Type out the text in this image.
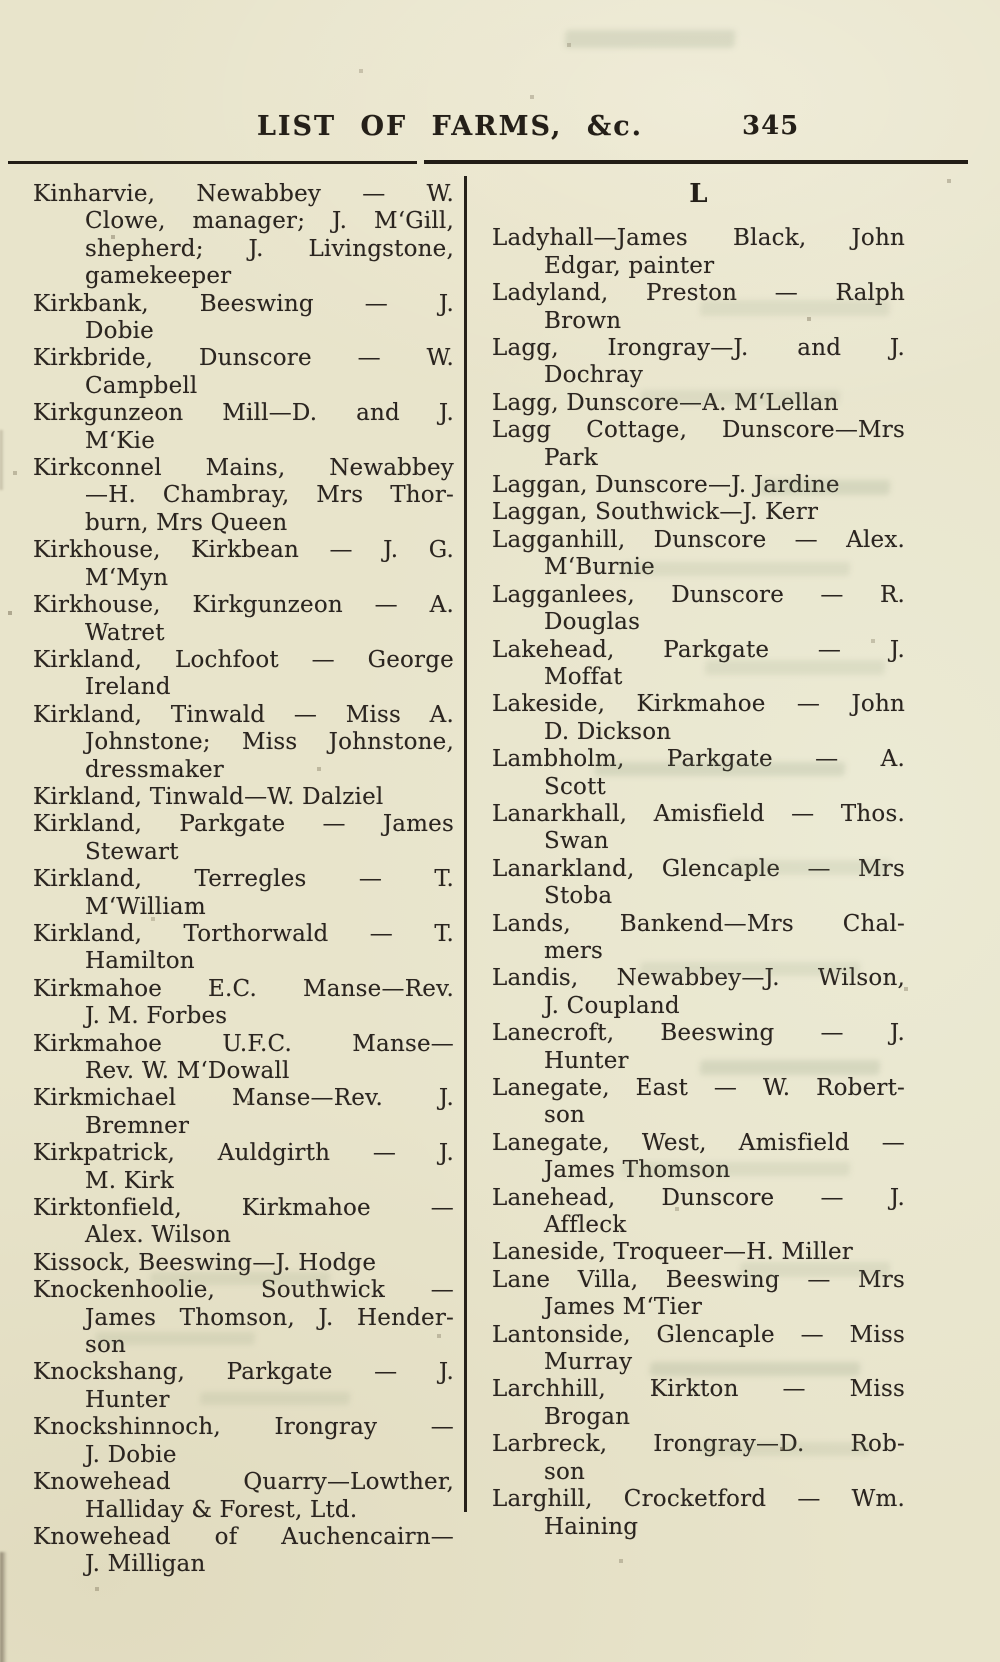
LIST OF FARMS, &c.	345
Kinharvie, Newabbey — W.
Clowe, manager; J. M‘Gill,
shepherd; J. Livingstone,
gamekeeper
Kirkbank, Beeswing — J.
Dobie
Kirkbride, Dunscore — W.
Campbell
Kirkgunzeon Mill—D. and J.
M‘Kie
Kirkconnel Mains, Newabbey
—H. Chambray, Mrs Thor-
burn, Mrs Queen
Kirkhouse, Kirkbean — J. G.
M‘Myn
Kirkhouse, Kirkgunzeon — A.
Watret
Kirkland, Lochfoot — George
Ireland
Kirkland, Tinwald — Miss A.
Johnstone; Miss Johnstone,
dressmaker
Kirkland, Tinwald—W. Dalziel
Kirkland, Parkgate — James
Stewart
Kirkland, Terregles — T.
M‘William
Kirkland, Torthorwald — T.
Hamilton
Kirkmahoe E.C. Manse—Rev.
J. M. Forbes
Kirkmahoe U.F.C. Manse—
Rev. W. M‘Dowall
Kirkmichael Manse—Rev. J.
Bremner
Kirkpatrick, Auldgirth — J.
M. Kirk
Kirktonfield, Kirkmahoe —
Alex. Wilson
Kissock, Beeswing—J. Hodge
Knockenhoolie, Southwick —
James Thomson, J. Hender-
son
Knockshang, Parkgate — J.
Hunter
Knockshinnoch, Irongray —
J. Dobie
Knowehead Quarry—Lowther,
Halliday & Forest, Ltd.
Knowehead of Auchencairn—
J. Milligan
L
Ladyhall—James Black, John
Edgar, painter
Ladyland, Preston — Ralph
Brown
Lagg, Irongray—J. and J.
Dochray
Lagg, Dunscore—A. M‘Lellan
Lagg Cottage, Dunscore—Mrs
Park
Laggan, Dunscore—J. Jardine
Laggan, Southwick—J. Kerr
Lagganhill, Dunscore — Alex.
M‘Burnie
Lagganlees, Dunscore — R.
Douglas
Lakehead, Parkgate — J.
Moffat
Lakeside, Kirkmahoe — John
D. Dickson
Lambholm, Parkgate — A.
Scott
Lanarkhall, Amisfield — Thos.
Swan
Lanarkland, Glencaple — Mrs
Stoba
Lands, Bankend—Mrs Chal-
mers
Landis, Newabbey—J. Wilson,
J. Coupland
Lanecroft, Beeswing — J.
Hunter
Lanegate, East — W. Robert-
son
Lanegate, West, Amisfield —
James Thomson
Lanehead, Dunscore — J.
Affleck
Laneside, Troqueer—H. Miller
Lane Villa, Beeswing — Mrs
James M‘Tier
Lantonside, Glencaple — Miss
Murray
Larchhill, Kirkton — Miss
Brogan
Larbreck, Irongray—D. Rob-
son
Larghill, Crocketford — Wm.
Haining
